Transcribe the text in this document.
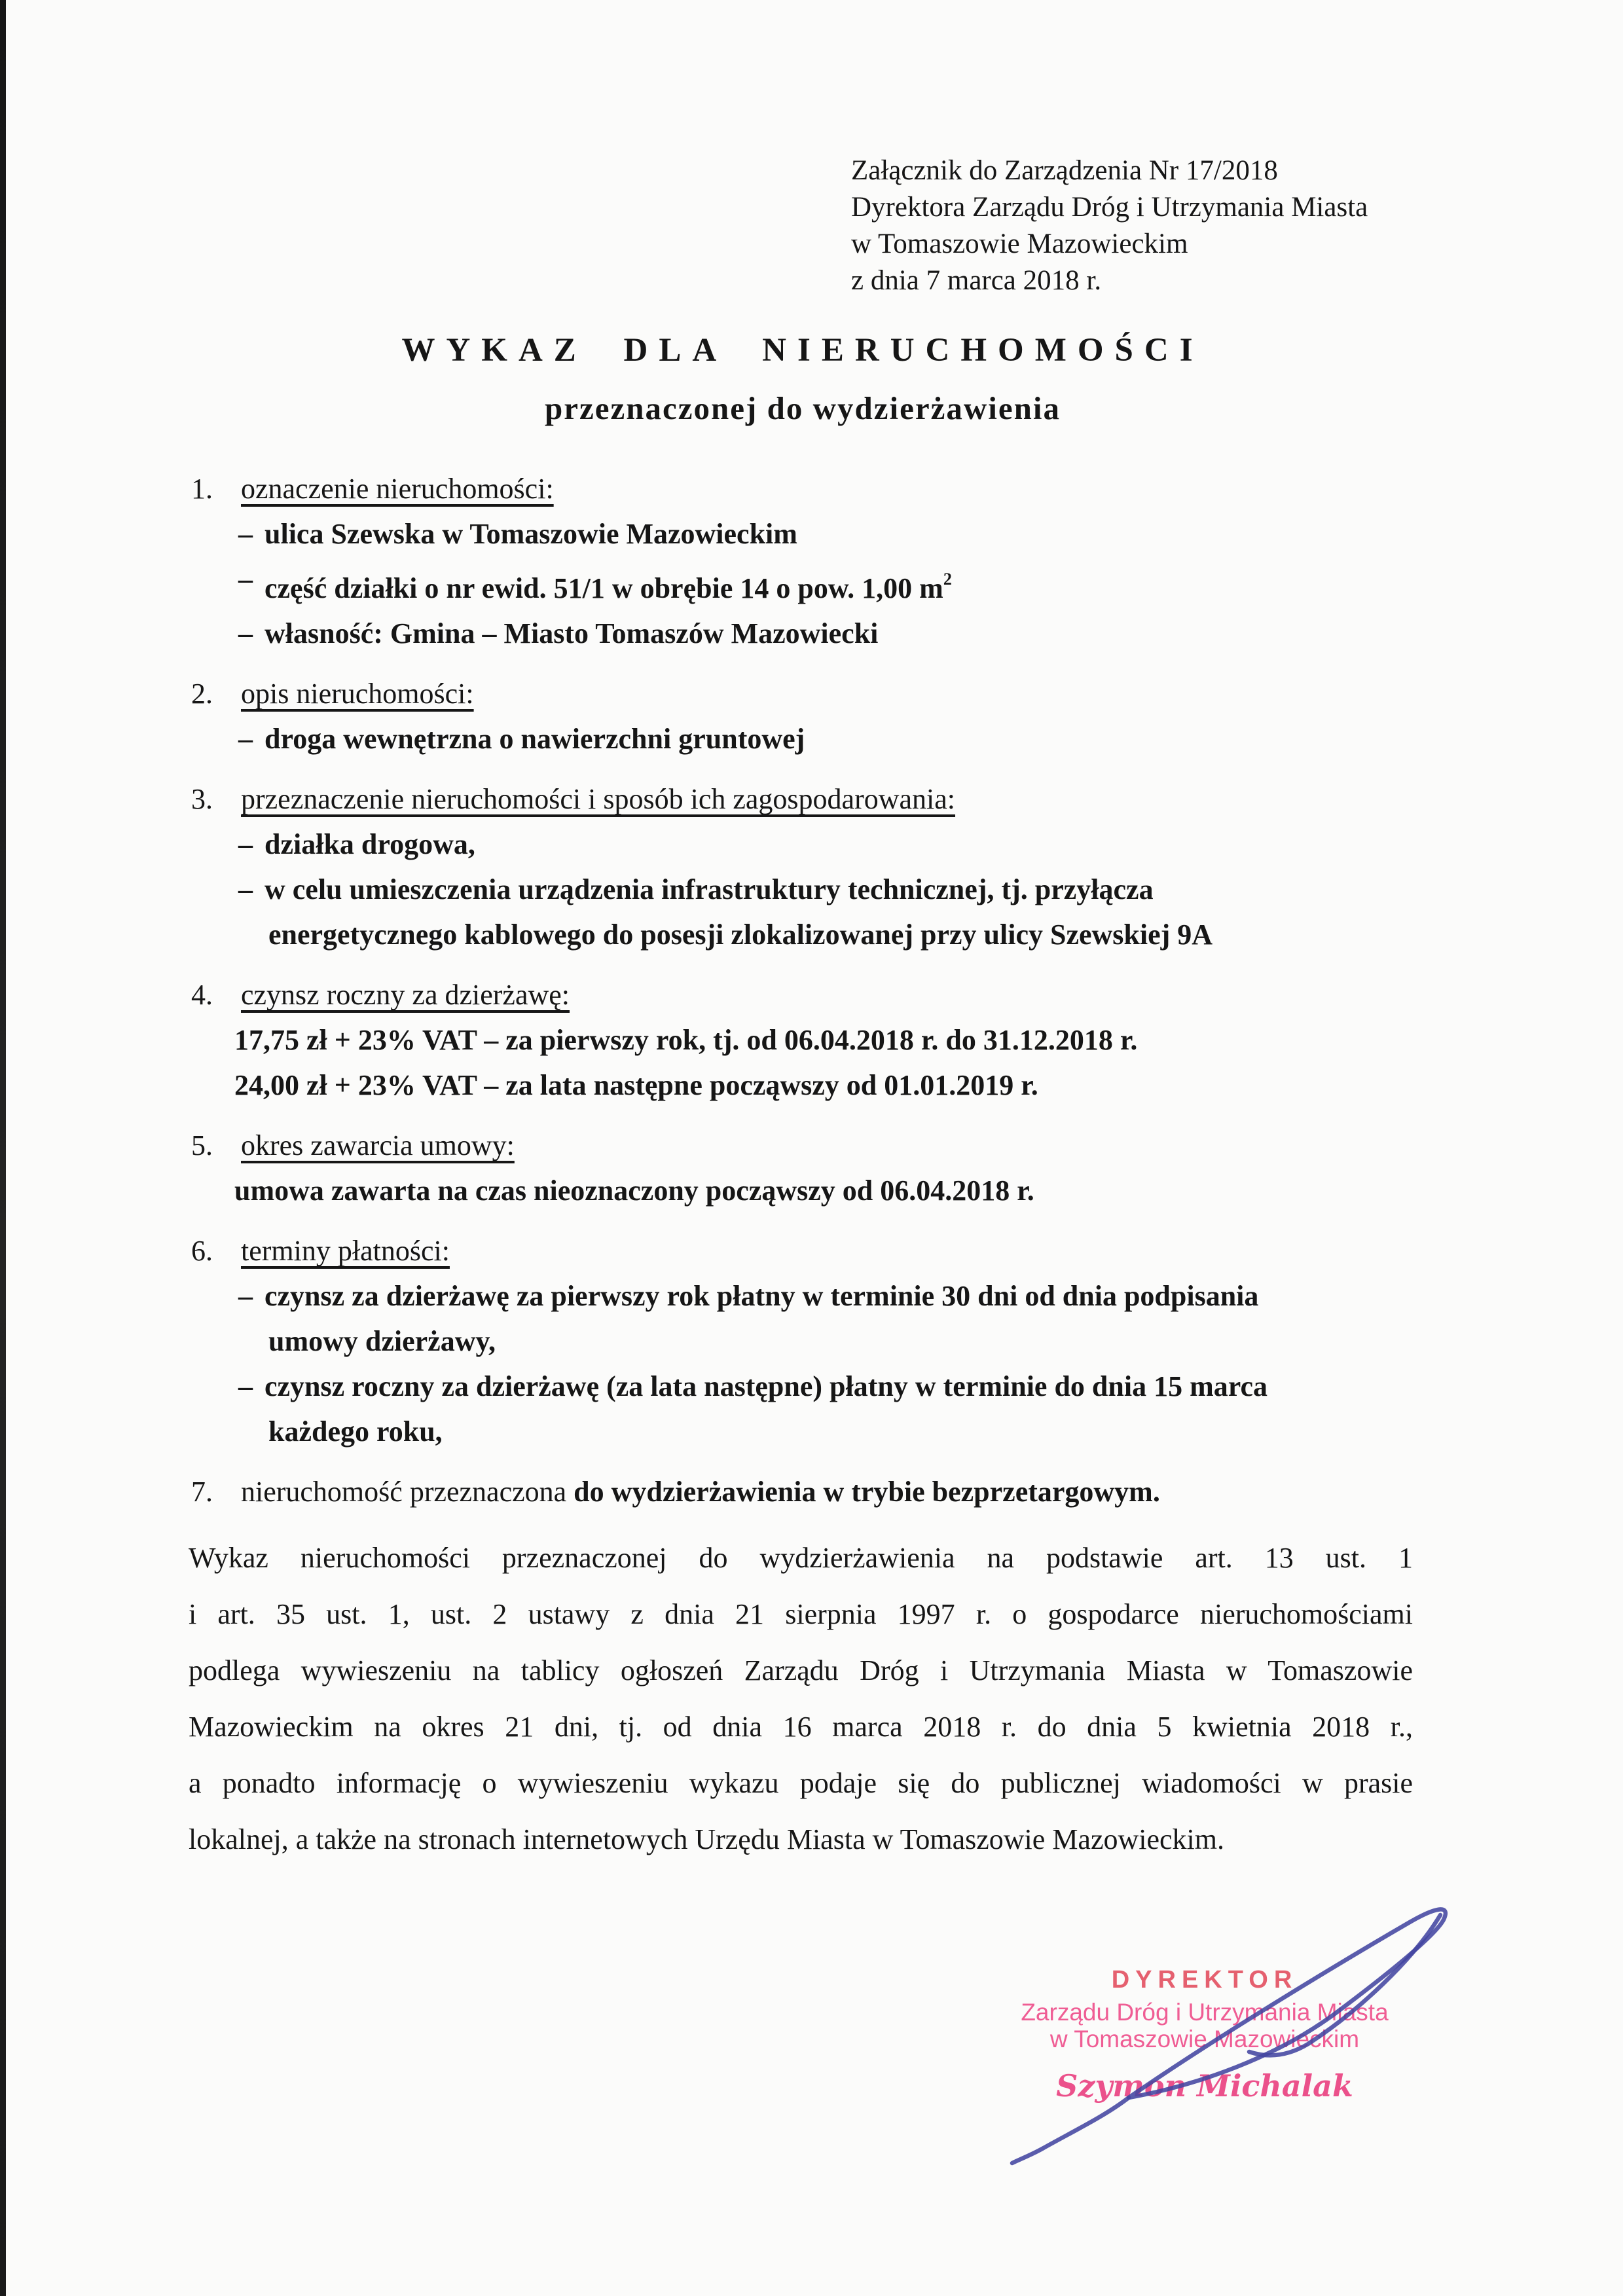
Załącznik do Zarządzenia Nr 17/2018
Dyrektora Zarządu Dróg i Utrzymania Miasta
w Tomaszowie Mazowieckim
z dnia 7 marca 2018 r.
WYKAZ DLA NIERUCHOMOŚCI
przeznaczonej do wydzierżawienia
1. oznaczenie nieruchomości:
– ulica Szewska w Tomaszowie Mazowieckim
– część działki o nr ewid. 51/1 w obrębie 14 o pow. 1,00 $m^2$
– własność: Gmina – Miasto Tomaszów Mazowiecki
2. opis nieruchomości:
– droga wewnętrzna o nawierzchni gruntowej
3. przeznaczenie nieruchomości i sposób ich zagospodarowania:
– działka drogowa,
– w celu umieszczenia urządzenia infrastruktury technicznej, tj. przyłącza
energetycznego kablowego do posesji zlokalizowanej przy ulicy Szewskiej 9A
4. czynsz roczny za dzierżawę:
17,75 zł + 23% VAT – za pierwszy rok, tj. od 06.04.2018 r. do 31.12.2018 r.
24,00 zł + 23% VAT – za lata następne począwszy od 01.01.2019 r.
5. okres zawarcia umowy:
umowa zawarta na czas nieoznaczony począwszy od 06.04.2018 r.
6. terminy płatności:
– czynsz za dzierżawę za pierwszy rok płatny w terminie 30 dni od dnia podpisania
umowy dzierżawy,
– czynsz roczny za dzierżawę (za lata następne) płatny w terminie do dnia 15 marca
każdego roku,
7. nieruchomość przeznaczona do wydzierżawienia w trybie bezprzetargowym.
Wykaz nieruchomości przeznaczonej do wydzierżawienia na podstawie art. 13 ust. 1
i art. 35 ust. 1, ust. 2 ustawy z dnia 21 sierpnia 1997 r. o gospodarce nieruchomościami
podlega wywieszeniu na tablicy ogłoszeń Zarządu Dróg i Utrzymania Miasta w Tomaszowie
Mazowieckim na okres 21 dni, tj. od dnia 16 marca 2018 r. do dnia 5 kwietnia 2018 r.,
a ponadto informację o wywieszeniu wykazu podaje się do publicznej wiadomości w prasie
lokalnej, a także na stronach internetowych Urzędu Miasta w Tomaszowie Mazowieckim.
DYREKTOR
Zarządu Dróg i Utrzymania Miasta
w Tomaszowie Mazowieckim
Szymon Michalak
